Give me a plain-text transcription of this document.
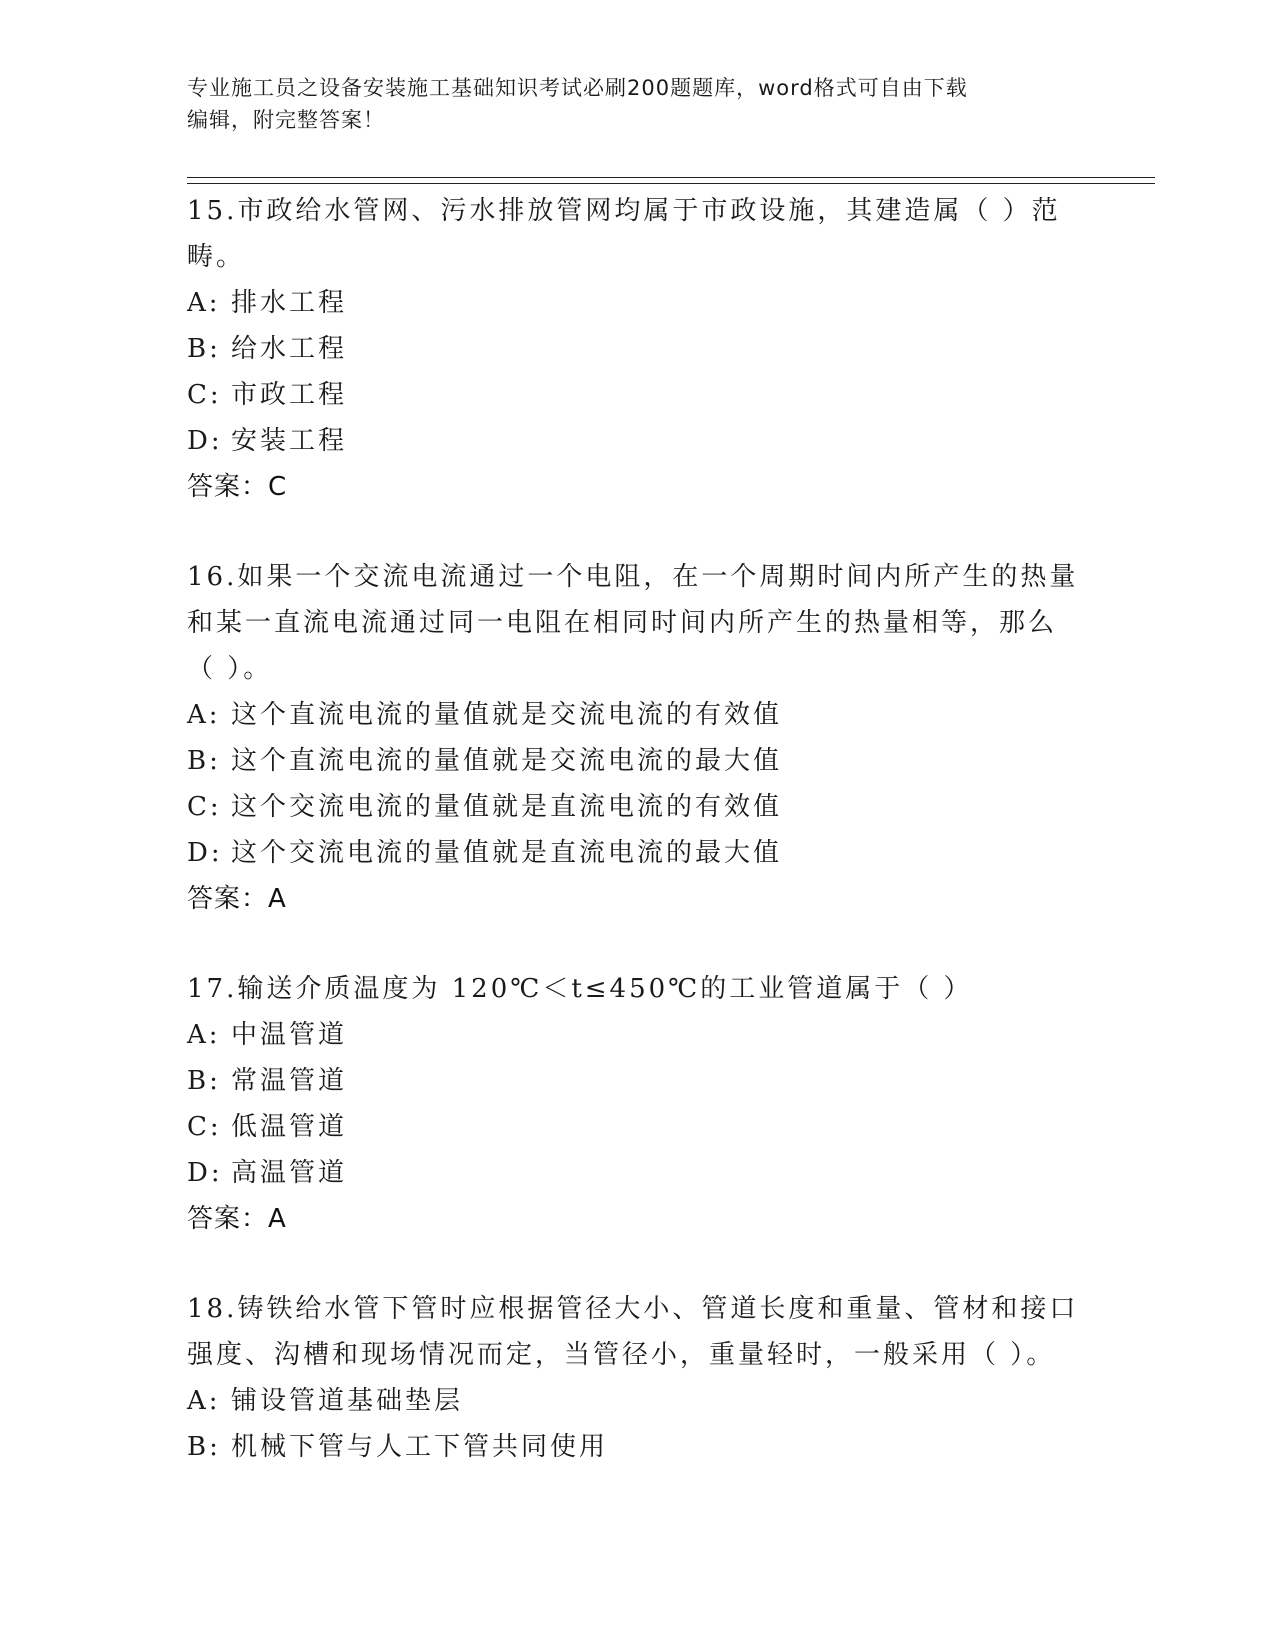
专业施工员之设备安装施工基础知识考试必刷200题题库，word格式可自由下载
编辑，附完整答案！
15.市政给水管网、污水排放管网均属于市政设施，其建造属（ ）范
畴。
A: 排水工程
B: 给水工程
C: 市政工程
D: 安装工程
答案：C
16.如果一个交流电流通过一个电阻，在一个周期时间内所产生的热量
和某一直流电流通过同一电阻在相同时间内所产生的热量相等，那么
（ ）。
A: 这个直流电流的量值就是交流电流的有效值
B: 这个直流电流的量值就是交流电流的最大值
C: 这个交流电流的量值就是直流电流的有效值
D: 这个交流电流的量值就是直流电流的最大值
答案：A
17.输送介质温度为 120℃＜t≤450℃的工业管道属于（ ）
A: 中温管道
B: 常温管道
C: 低温管道
D: 高温管道
答案：A
18.铸铁给水管下管时应根据管径大小、管道长度和重量、管材和接口
强度、沟槽和现场情况而定，当管径小，重量轻时，一般采用（ ）。
A: 铺设管道基础垫层
B: 机械下管与人工下管共同使用
